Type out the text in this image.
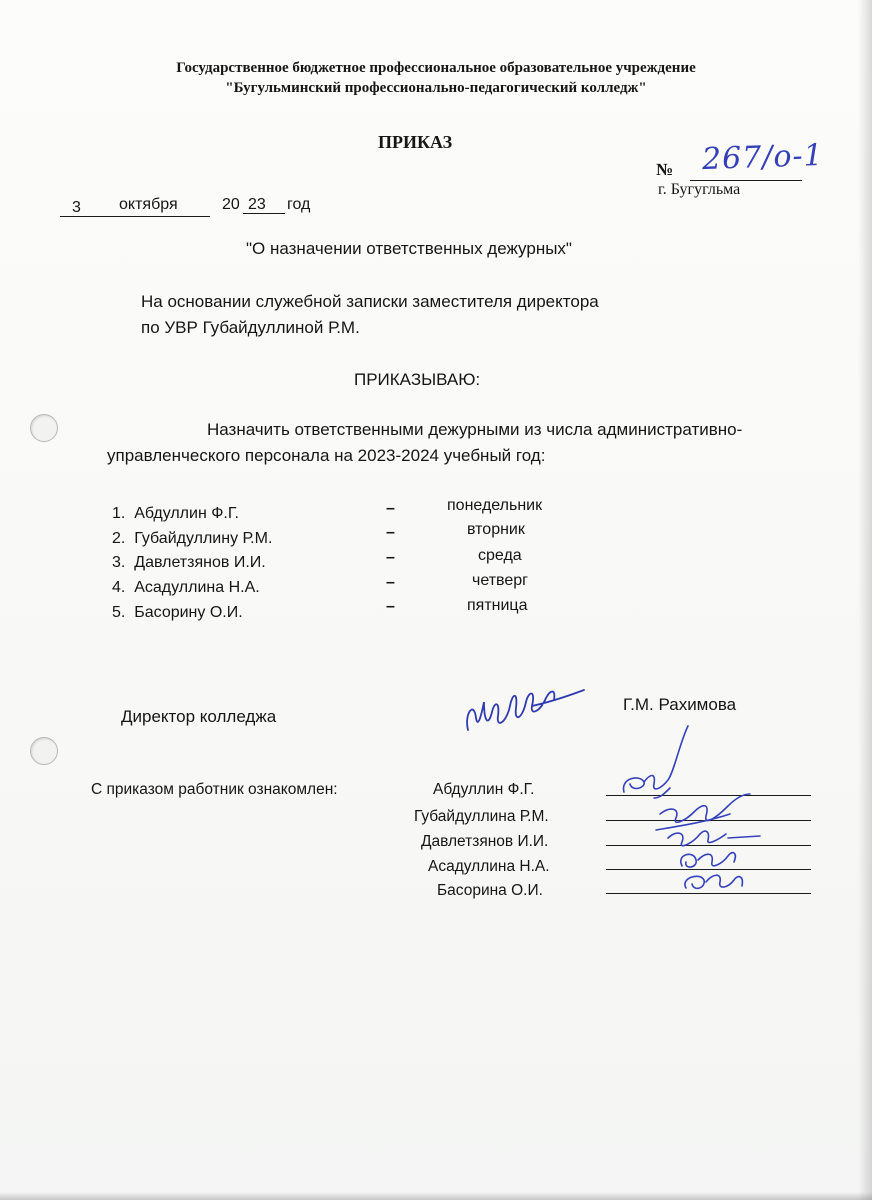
Государственное бюджетное профессиональное образовательное учреждение
"Бугульминский профессионально-педагогический колледж"
ПРИКАЗ
№ 267/о-1
г. Бугугльма
3 октября	20 23 год
"О назначении ответственных дежурных"
На основании служебной записки заместителя директора
по УВР Губайдуллиной Р.М.
ПРИКАЗЫВАЮ:
Назначить ответственными дежурными из числа административно-
управленческого персонала на 2023-2024 учебный год:
1. Абдуллин Ф.Г.	–	понедельник
2. Губайдуллину Р.М.	–	вторник
3. Давлетзянов И.И.	–	среда
4. Асадуллина Н.А.	–	четверг
5. Басорину О.И.	–	пятница
Директор колледжа
Г.М. Рахимова
С приказом работник ознакомлен:	Абдуллин Ф.Г.
Губайдуллина Р.М.
Давлетзянов И.И.
Асадуллина Н.А.
Басорина О.И.
